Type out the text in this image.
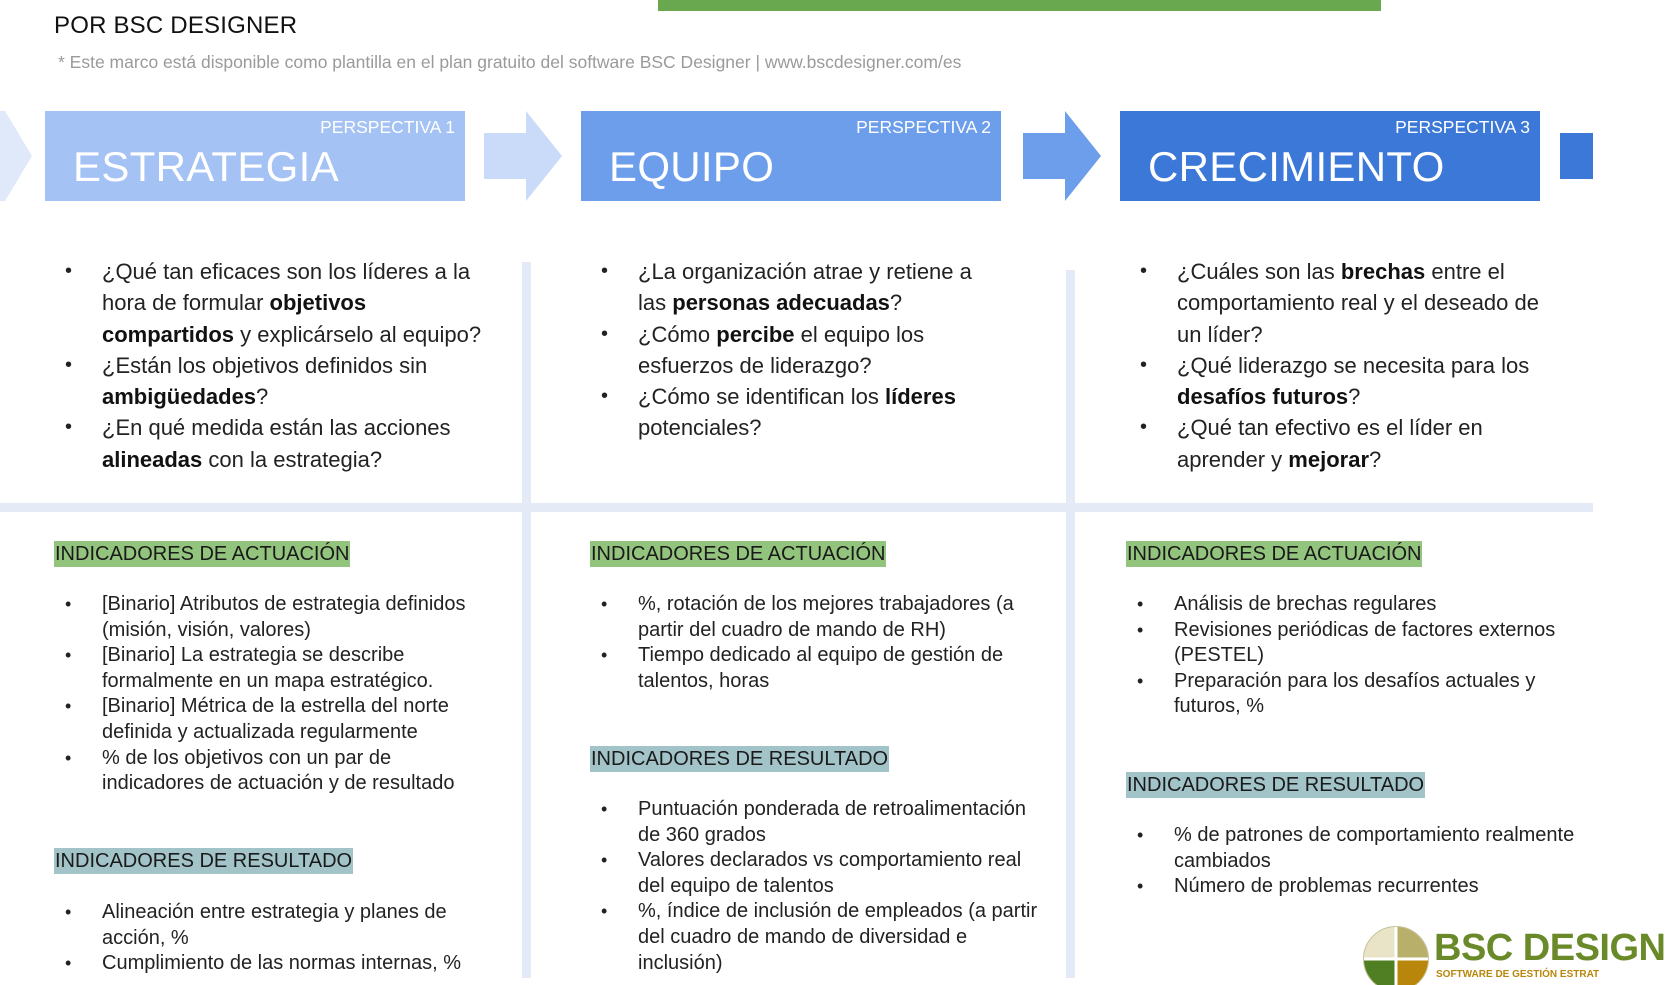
POR BSC DESIGNER
* Este marco está disponible como plantilla en el plan gratuito del software BSC Designer | www.bscdesigner.com/es
PERSPECTIVA 1
ESTRATEGIA
PERSPECTIVA 2
EQUIPO
PERSPECTIVA 3
CRECIMIENTO
• ¿Qué tan eficaces son los líderes a la hora de formular objetivos compartidos y explicárselo al equipo?
• ¿Están los objetivos definidos sin ambigüedades?
• ¿En qué medida están las acciones alineadas con la estrategia?
• ¿La organización atrae y retiene a las personas adecuadas?
• ¿Cómo percibe el equipo los esfuerzos de liderazgo?
• ¿Cómo se identifican los líderes potenciales?
• ¿Cuáles son las brechas entre el comportamiento real y el deseado de un líder?
• ¿Qué liderazgo se necesita para los desafíos futuros?
• ¿Qué tan efectivo es el líder en aprender y mejorar?
INDICADORES DE ACTUACIÓN
• [Binario] Atributos de estrategia definidos (misión, visión, valores)
• [Binario] La estrategia se describe formalmente en un mapa estratégico.
• [Binario] Métrica de la estrella del norte definida y actualizada regularmente
• % de los objetivos con un par de indicadores de actuación y de resultado
INDICADORES DE RESULTADO
• Alineación entre estrategia y planes de acción, %
• Cumplimiento de las normas internas, %
INDICADORES DE ACTUACIÓN
• %, rotación de los mejores trabajadores (a partir del cuadro de mando de RH)
• Tiempo dedicado al equipo de gestión de talentos, horas
INDICADORES DE RESULTADO
• Puntuación ponderada de retroalimentación de 360 grados
• Valores declarados vs comportamiento real del equipo de talentos
• %, índice de inclusión de empleados (a partir del cuadro de mando de diversidad e inclusión)
INDICADORES DE ACTUACIÓN
• Análisis de brechas regulares
• Revisiones periódicas de factores externos (PESTEL)
• Preparación para los desafíos actuales y futuros, %
INDICADORES DE RESULTADO
• % de patrones de comportamiento realmente cambiados
• Número de problemas recurrentes
BSC DESIGN
SOFTWARE DE GESTIÓN ESTRAT
